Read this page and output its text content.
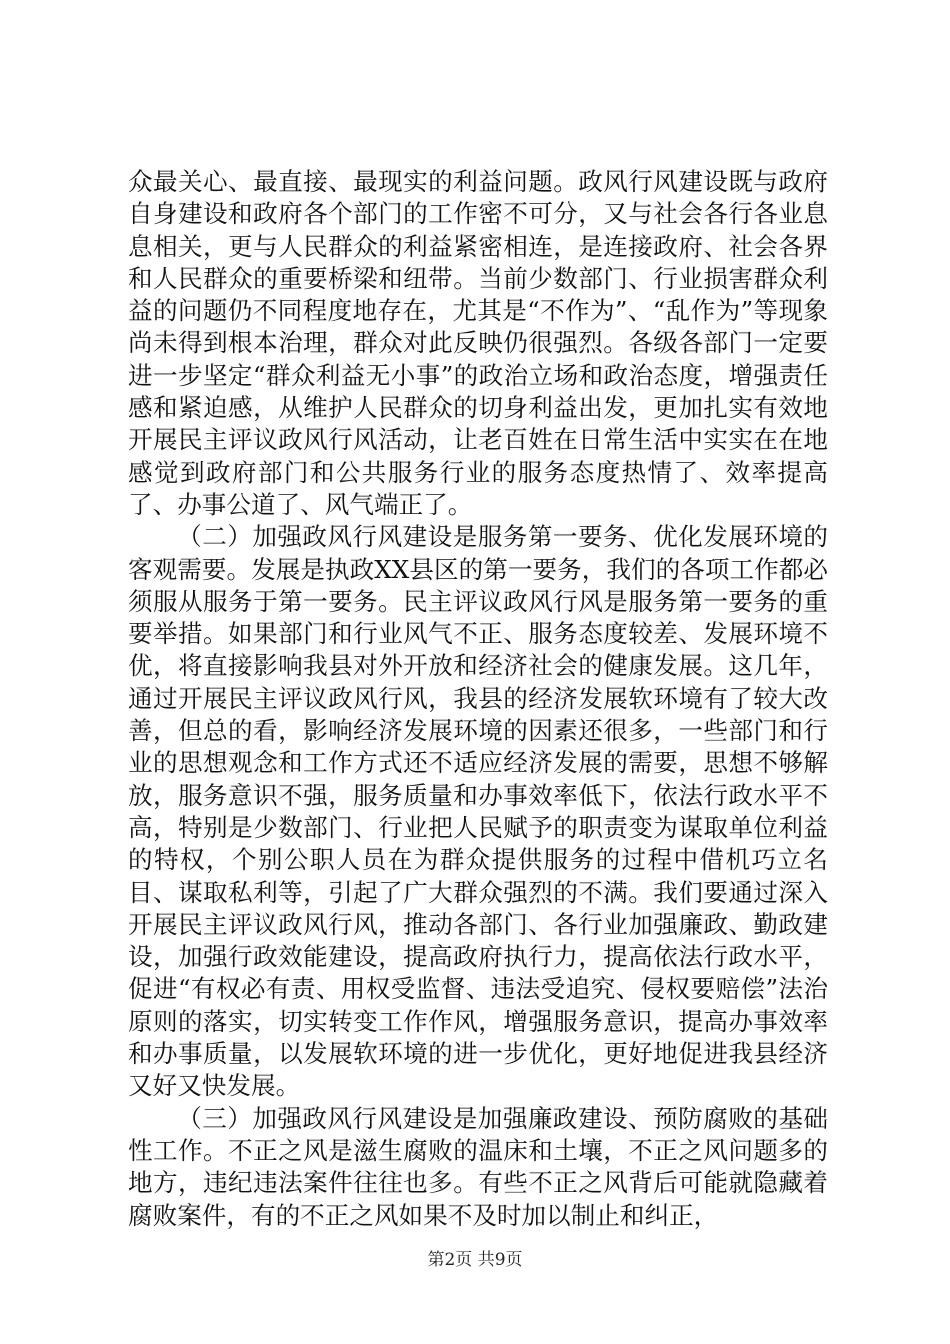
众最关心、最直接、最现实的利益问题。政风行风建设既与政府自身建设和政府各个部门的工作密不可分，又与社会各行各业息息相关，更与人民群众的利益紧密相连，是连接政府、社会各界和人民群众的重要桥梁和纽带。当前少数部门、行业损害群众利益的问题仍不同程度地存在，尤其是“不作为”、“乱作为”等现象尚未得到根本治理，群众对此反映仍很强烈。各级各部门一定要进一步坚定“群众利益无小事”的政治立场和政治态度，增强责任感和紧迫感，从维护人民群众的切身利益出发，更加扎实有效地开展民主评议政风行风活动，让老百姓在日常生活中实实在在地感觉到政府部门和公共服务行业的服务态度热情了、效率提高了、办事公道了、风气端正了。

（二）加强政风行风建设是服务第一要务、优化发展环境的客观需要。发展是执政XX县区的第一要务，我们的各项工作都必须服从服务于第一要务。民主评议政风行风是服务第一要务的重要举措。如果部门和行业风气不正、服务态度较差、发展环境不优，将直接影响我县对外开放和经济社会的健康发展。这几年，通过开展民主评议政风行风，我县的经济发展软环境有了较大改善，但总的看，影响经济发展环境的因素还很多，一些部门和行业的思想观念和工作方式还不适应经济发展的需要，思想不够解放，服务意识不强，服务质量和办事效率低下，依法行政水平不高，特别是少数部门、行业把人民赋予的职责变为谋取单位利益的特权，个别公职人员在为群众提供服务的过程中借机巧立名目、谋取私利等，引起了广大群众强烈的不满。我们要通过深入开展民主评议政风行风，推动各部门、各行业加强廉政、勤政建设，加强行政效能建设，提高政府执行力，提高依法行政水平，促进“有权必有责、用权受监督、违法受追究、侵权要赔偿”法治原则的落实，切实转变工作作风，增强服务意识，提高办事效率和办事质量，以发展软环境的进一步优化，更好地促进我县经济又好又快发展。

（三）加强政风行风建设是加强廉政建设、预防腐败的基础性工作。不正之风是滋生腐败的温床和土壤，不正之风问题多的地方，违纪违法案件往往也多。有些不正之风背后可能就隐藏着腐败案件，有的不正之风如果不及时加以制止和纠正，

第2页 共9页
